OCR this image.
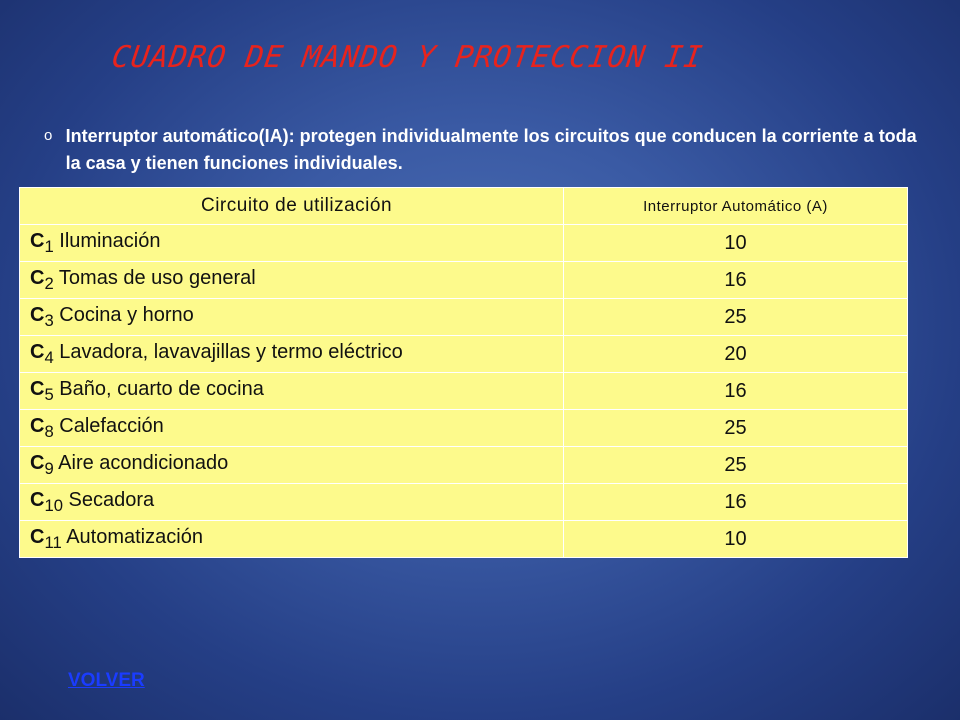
CUADRO DE MANDO Y PROTECCION II
o Interruptor automático(IA): protegen individualmente los circuitos que conducen la corriente a toda la casa y tienen funciones individuales.
Circuito de utilización	Interruptor Automático (A)
$C_1$ Iluminación	10
$C_2$ Tomas de uso general	16
$C_3$ Cocina y horno	25
$C_4$ Lavadora, lavavajillas y termo eléctrico	20
$C_5$ Baño, cuarto de cocina	16
$C_8$ Calefacción	25
$C_9$ Aire acondicionado	25
$C_{10}$ Secadora	16
$C_{11}$ Automatización	10
VOLVER
